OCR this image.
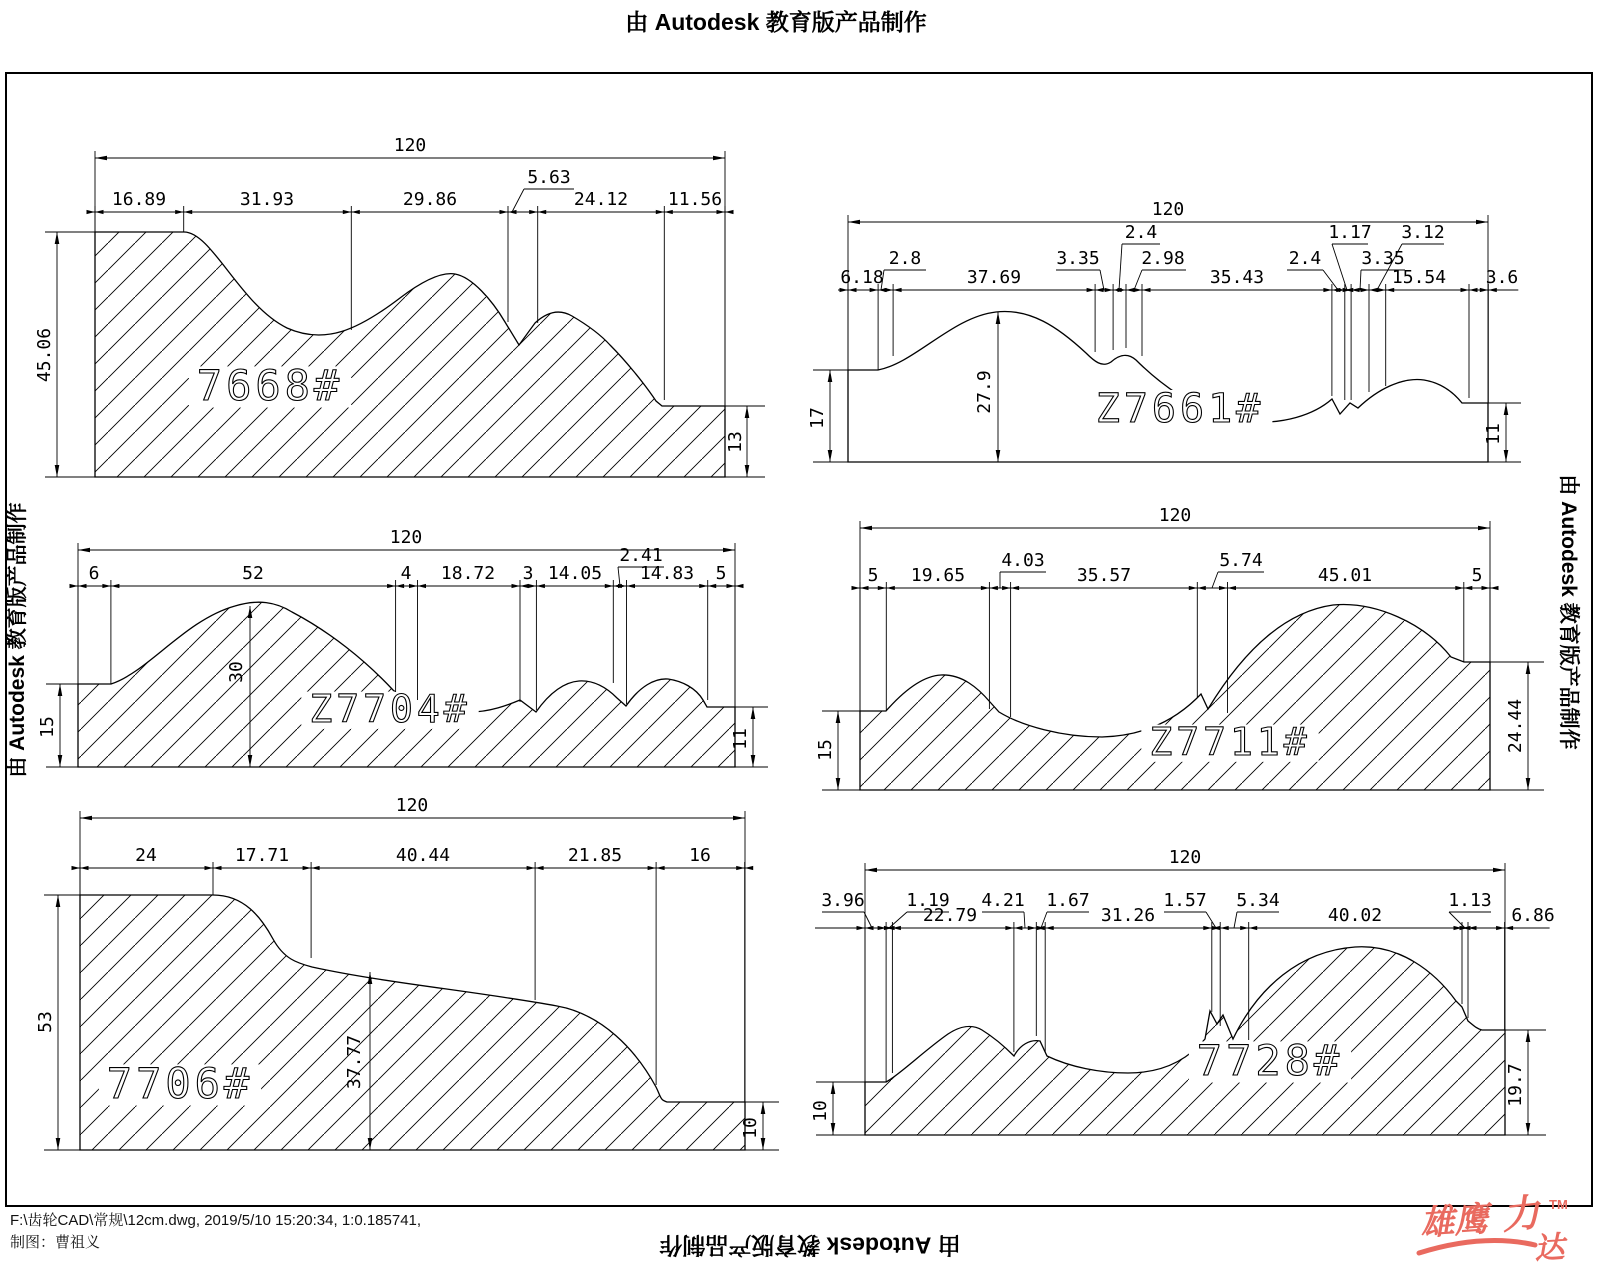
由 Autodesk 教育版产品制作
7668#
120
16.89	31.93	29.86	24.12 11.56
5.63
45.06
13
Z7661#
120
6.18	37.69	35.43	15.54 3.6
2.8	3.35
2.4
2.98	2.4
1.17
3.35
3.12
17
27.9
11
Z7704#
120
6	52	4 18.72 3 14.05 14.83 5
2.41
15
30
11	Z7711#
120
5 19.65	35.57	45.01	5
4.03	5.74
15	24.44
7706#
120
24	17.71	40.44	21.85	16
53
37.77
10
7728#
120
22.79	31.26	40.02	6.86
3.96 1.19 4.21 1.67	1.57 5.34	1.13
10
19.7
由 Autodesk 教育版产品制作	由 Autodesk 教育版产品制作
由 Autodesk 教育版产品制作
F:\齿轮CAD\常规\12cm.dwg, 2019/5/10 15:20:34, 1:0.185741,
制图：曹祖义	雄鹰 力 TM
达
